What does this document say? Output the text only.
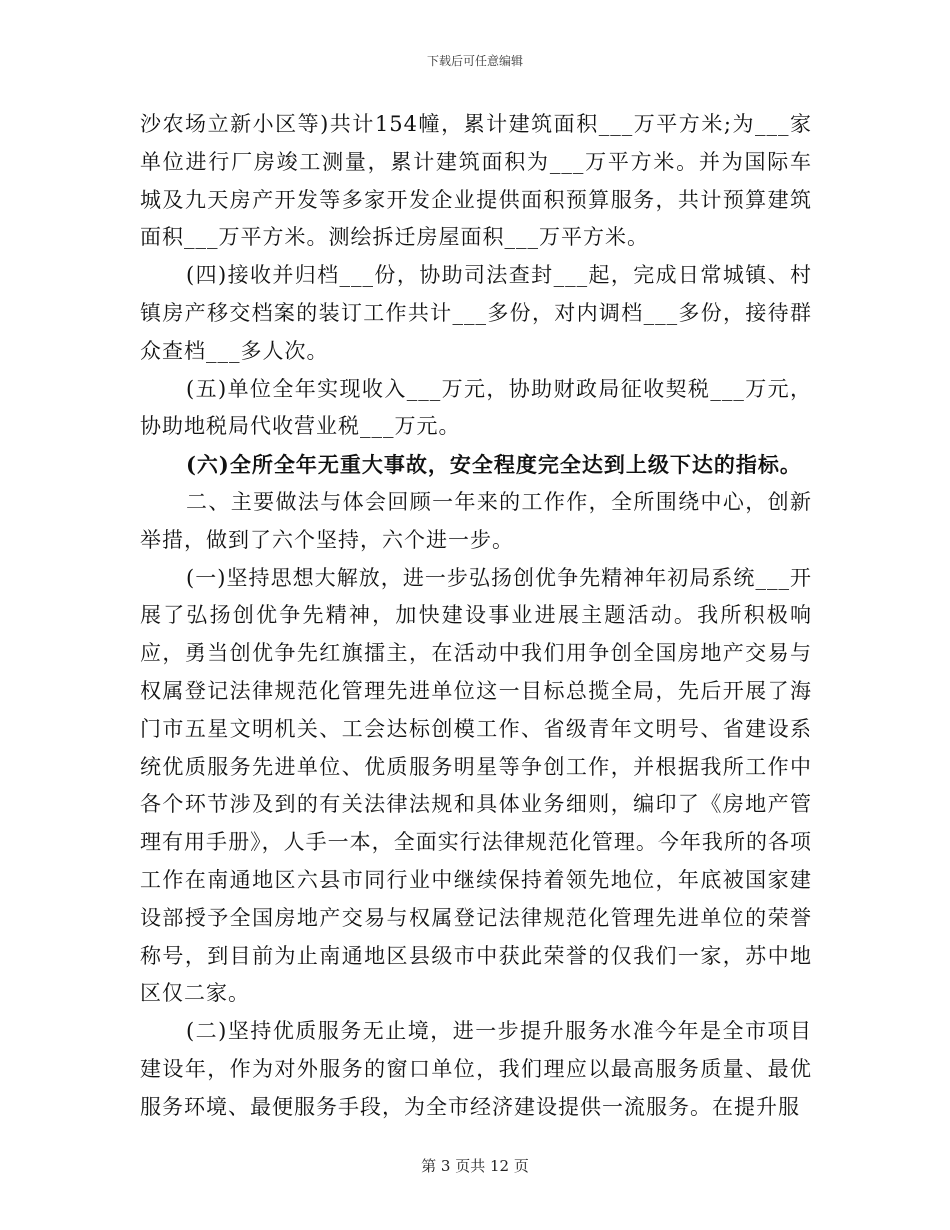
下载后可任意编辑

沙农场立新小区等)共计154幢，累计建筑面积___万平方米;为___家单位进行厂房竣工测量，累计建筑面积为___万平方米。并为国际车城及九天房产开发等多家开发企业提供面积预算服务，共计预算建筑面积___万平方米。测绘拆迁房屋面积___万平方米。

(四)接收并归档___份，协助司法查封___起，完成日常城镇、村镇房产移交档案的装订工作共计___多份，对内调档___多份，接待群众查档___多人次。

(五)单位全年实现收入___万元，协助财政局征收契税___万元，协助地税局代收营业税___万元。

(六)全所全年无重大事故，安全程度完全达到上级下达的指标。

二、主要做法与体会回顾一年来的工作作，全所围绕中心，创新举措，做到了六个坚持，六个进一步。

(一)坚持思想大解放，进一步弘扬创优争先精神年初局系统___开展了弘扬创优争先精神，加快建设事业进展主题活动。我所积极响应，勇当创优争先红旗擂主，在活动中我们用争创全国房地产交易与权属登记法律规范化管理先进单位这一目标总揽全局，先后开展了海门市五星文明机关、工会达标创模工作、省级青年文明号、省建设系统优质服务先进单位、优质服务明星等争创工作，并根据我所工作中各个环节涉及到的有关法律法规和具体业务细则，编印了《房地产管理有用手册》，人手一本，全面实行法律规范化管理。今年我所的各项工作在南通地区六县市同行业中继续保持着领先地位，年底被国家建设部授予全国房地产交易与权属登记法律规范化管理先进单位的荣誉称号，到目前为止南通地区县级市中获此荣誉的仅我们一家，苏中地区仅二家。

(二)坚持优质服务无止境，进一步提升服务水准今年是全市项目建设年，作为对外服务的窗口单位，我们理应以最高服务质量、最优服务环境、最便服务手段，为全市经济建设提供一流服务。在提升服

第 3 页共 12 页
